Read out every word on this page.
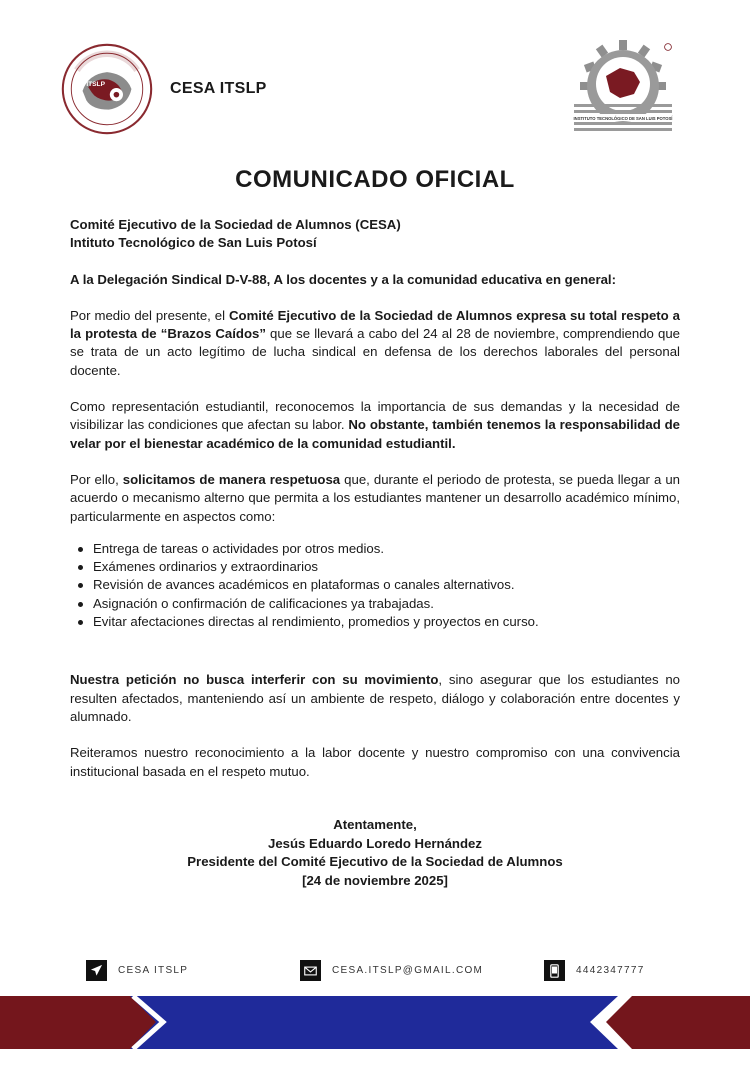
ITSLP	CESA ITSLP
INSTITUTO TECNOLÓGICO DE SAN LUIS POTOSÍ
COMUNICADO OFICIAL
Comité Ejecutivo de la Sociedad de Alumnos (CESA)
Intituto Tecnológico de San Luis Potosí

A la Delegación Sindical D-V-88, A los docentes y a la comunidad educativa en general:

Por medio del presente, el Comité Ejecutivo de la Sociedad de Alumnos expresa su total respeto a la protesta de “Brazos Caídos” que se llevará a cabo del 24 al 28 de noviembre, comprendiendo que se trata de un acto legítimo de lucha sindical en defensa de los derechos laborales del personal docente.

Como representación estudiantil, reconocemos la importancia de sus demandas y la necesidad de visibilizar las condiciones que afectan su labor. No obstante, también tenemos la responsabilidad de velar por el bienestar académico de la comunidad estudiantil.

Por ello, solicitamos de manera respetuosa que, durante el periodo de protesta, se pueda llegar a un acuerdo o mecanismo alterno que permita a los estudiantes mantener un desarrollo académico mínimo, particularmente en aspectos como:

Entrega de tareas o actividades por otros medios.
Exámenes ordinarios y extraordinarios
Revisión de avances académicos en plataformas o canales alternativos.
Asignación o confirmación de calificaciones ya trabajadas.
Evitar afectaciones directas al rendimiento, promedios y proyectos en curso.

Nuestra petición no busca interferir con su movimiento, sino asegurar que los estudiantes no resulten afectados, manteniendo así un ambiente de respeto, diálogo y colaboración entre docentes y alumnado.

Reiteramos nuestro reconocimiento a la labor docente y nuestro compromiso con una convivencia institucional basada en el respeto mutuo.

Atentamente,
Jesús Eduardo Loredo Hernández
Presidente del Comité Ejecutivo de la Sociedad de Alumnos
[24 de noviembre 2025]
CESA ITSLP	CESA.ITSLP@GMAIL.COM	4442347777
